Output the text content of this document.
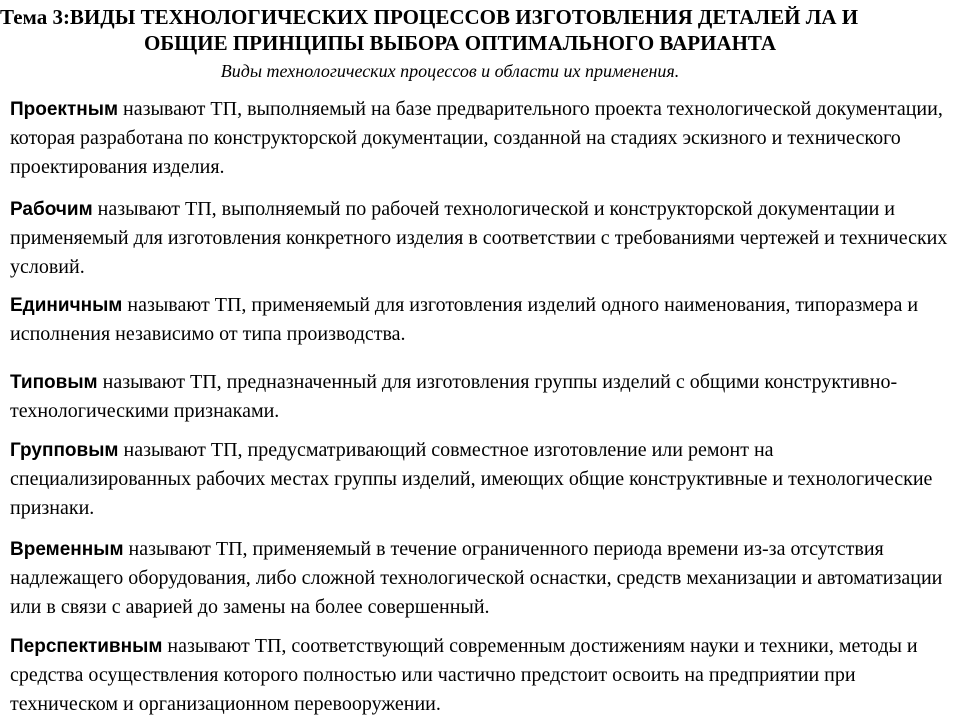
Тема 3:ВИДЫ ТЕХНОЛОГИЧЕСКИХ ПРОЦЕССОВ ИЗГОТОВЛЕНИЯ ДЕТАЛЕЙ ЛА И
ОБЩИЕ ПРИНЦИПЫ ВЫБОРА ОПТИМАЛЬНОГО ВАРИАНТА
Виды технологических процессов и области их применения.
Проектным называют ТП, выполняемый на базе предварительного проекта технологической документации, которая разработана по конструкторской документации, созданной на стадиях эскизного и технического проектирования изделия.
Рабочим называют ТП, выполняемый по рабочей технологической и конструкторской документации и применяемый для изготовления конкретного изделия в соответствии с требованиями чертежей и технических условий.
Единичным называют ТП, применяемый для изготовления изделий одного наименования, типоразмера и исполнения независимо от типа производства.
Типовым называют ТП, предназначенный для изготовления группы изделий с общими конструктивно-технологическими признаками.
Групповым называют ТП, предусматривающий совместное изготовление или ремонт на специализированных рабочих местах группы изделий, имеющих общие конструктивные и технологические признаки.
Временным называют ТП, применяемый в течение ограниченного периода времени из-за отсутствия надлежащего оборудования, либо сложной технологической оснастки, средств механизации и автоматизации или в связи с аварией до замены на более совершенный.
Перспективным называют ТП, соответствующий современным достижениям науки и техники, методы и средства осуществления которого полностью или частично предстоит освоить на предприятии при техническом и организационном перевооружении.
